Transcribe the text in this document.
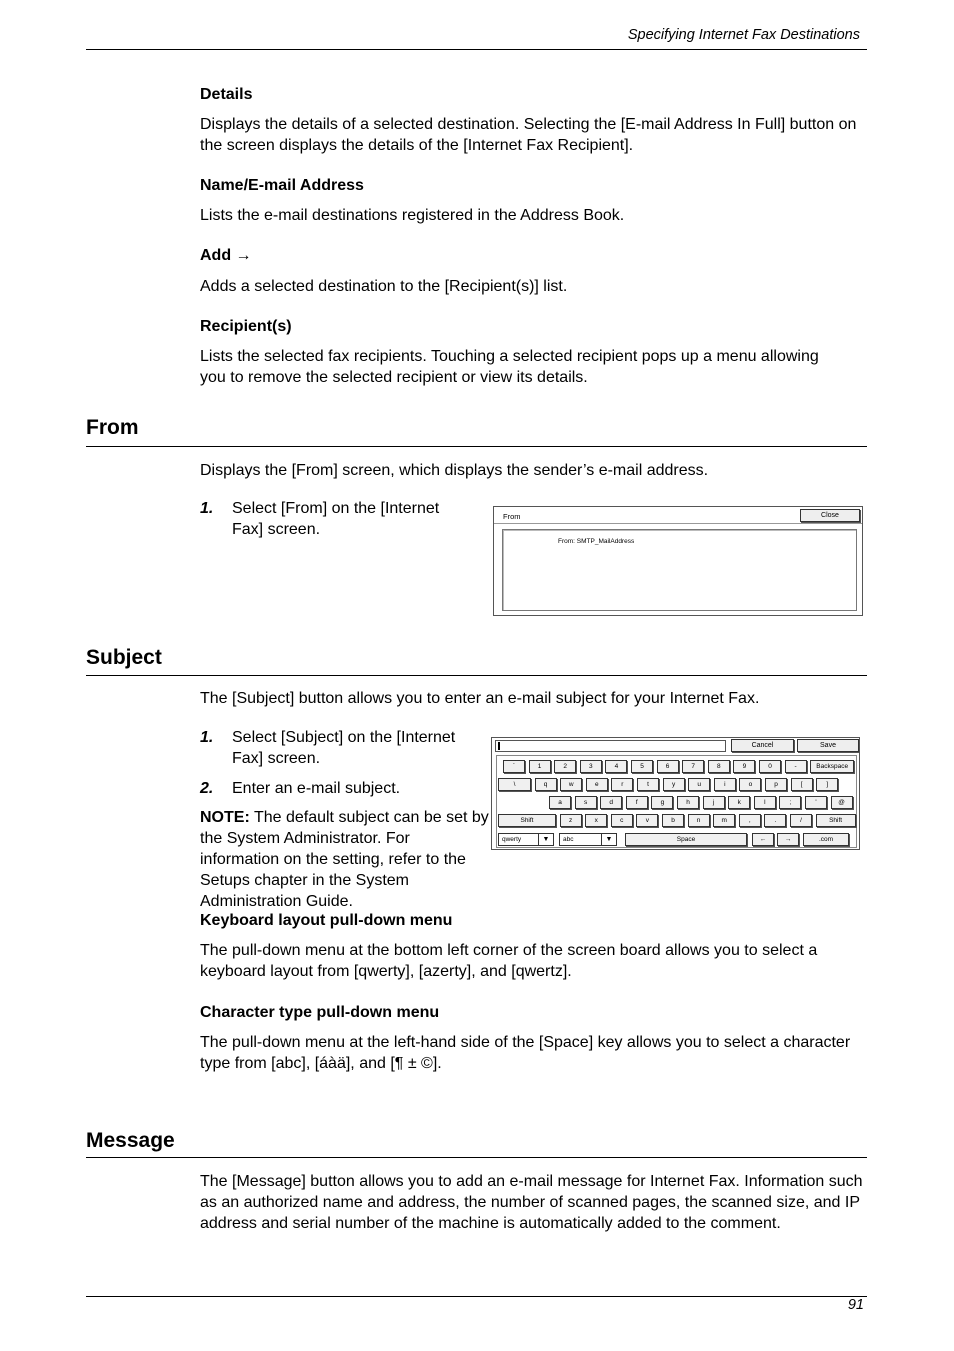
Specifying Internet Fax Destinations
Details

Displays the details of a selected destination. Selecting the [E-mail Address In Full] button on the screen displays the details of the [Internet Fax Recipient].

Name/E-mail Address

Lists the e-mail destinations registered in the Address Book.

Add →

Adds a selected destination to the [Recipient(s)] list.

Recipient(s)

Lists the selected fax recipients. Touching a selected recipient pops up a menu allowing you to remove the selected recipient or view its details.

From

Displays the [From] screen, which displays the sender’s e-mail address.

1. Select [From] on the [Internet Fax] screen.
From	Close
From: SMTP_MailAddress
Subject

The [Subject] button allows you to enter an e-mail subject for your Internet Fax.

1. Select [Subject] on the [Internet Fax] screen.
2. Enter an e-mail subject.
NOTE: The default subject can be set by the System Administrator. For information on the setting, refer to the Setups chapter in the System Administration Guide.
Cancel	Save
`	1	2	3	4	5	6	7	8	9	0	-	Backspace
\	q	w	e	r	t	y	u	i	o	p	[	]
a	s	d	f	g	h	j	k	l	;	'	@
Shift	z	x	c	v	b	n	m	,	.	/	Shift
qwerty	▼	abc	▼	Space	←	→	.com
Keyboard layout pull-down menu

The pull-down menu at the bottom left corner of the screen board allows you to select a keyboard layout from [qwerty], [azerty], and [qwertz].

Character type pull-down menu

The pull-down menu at the left-hand side of the [Space] key allows you to select a character type from [abc], [áàä], and [¶ ± ©].

Message

The [Message] button allows you to add an e-mail message for Internet Fax. Information such as an authorized name and address, the number of scanned pages, the scanned size, and IP address and serial number of the machine is automatically added to the comment.

91
